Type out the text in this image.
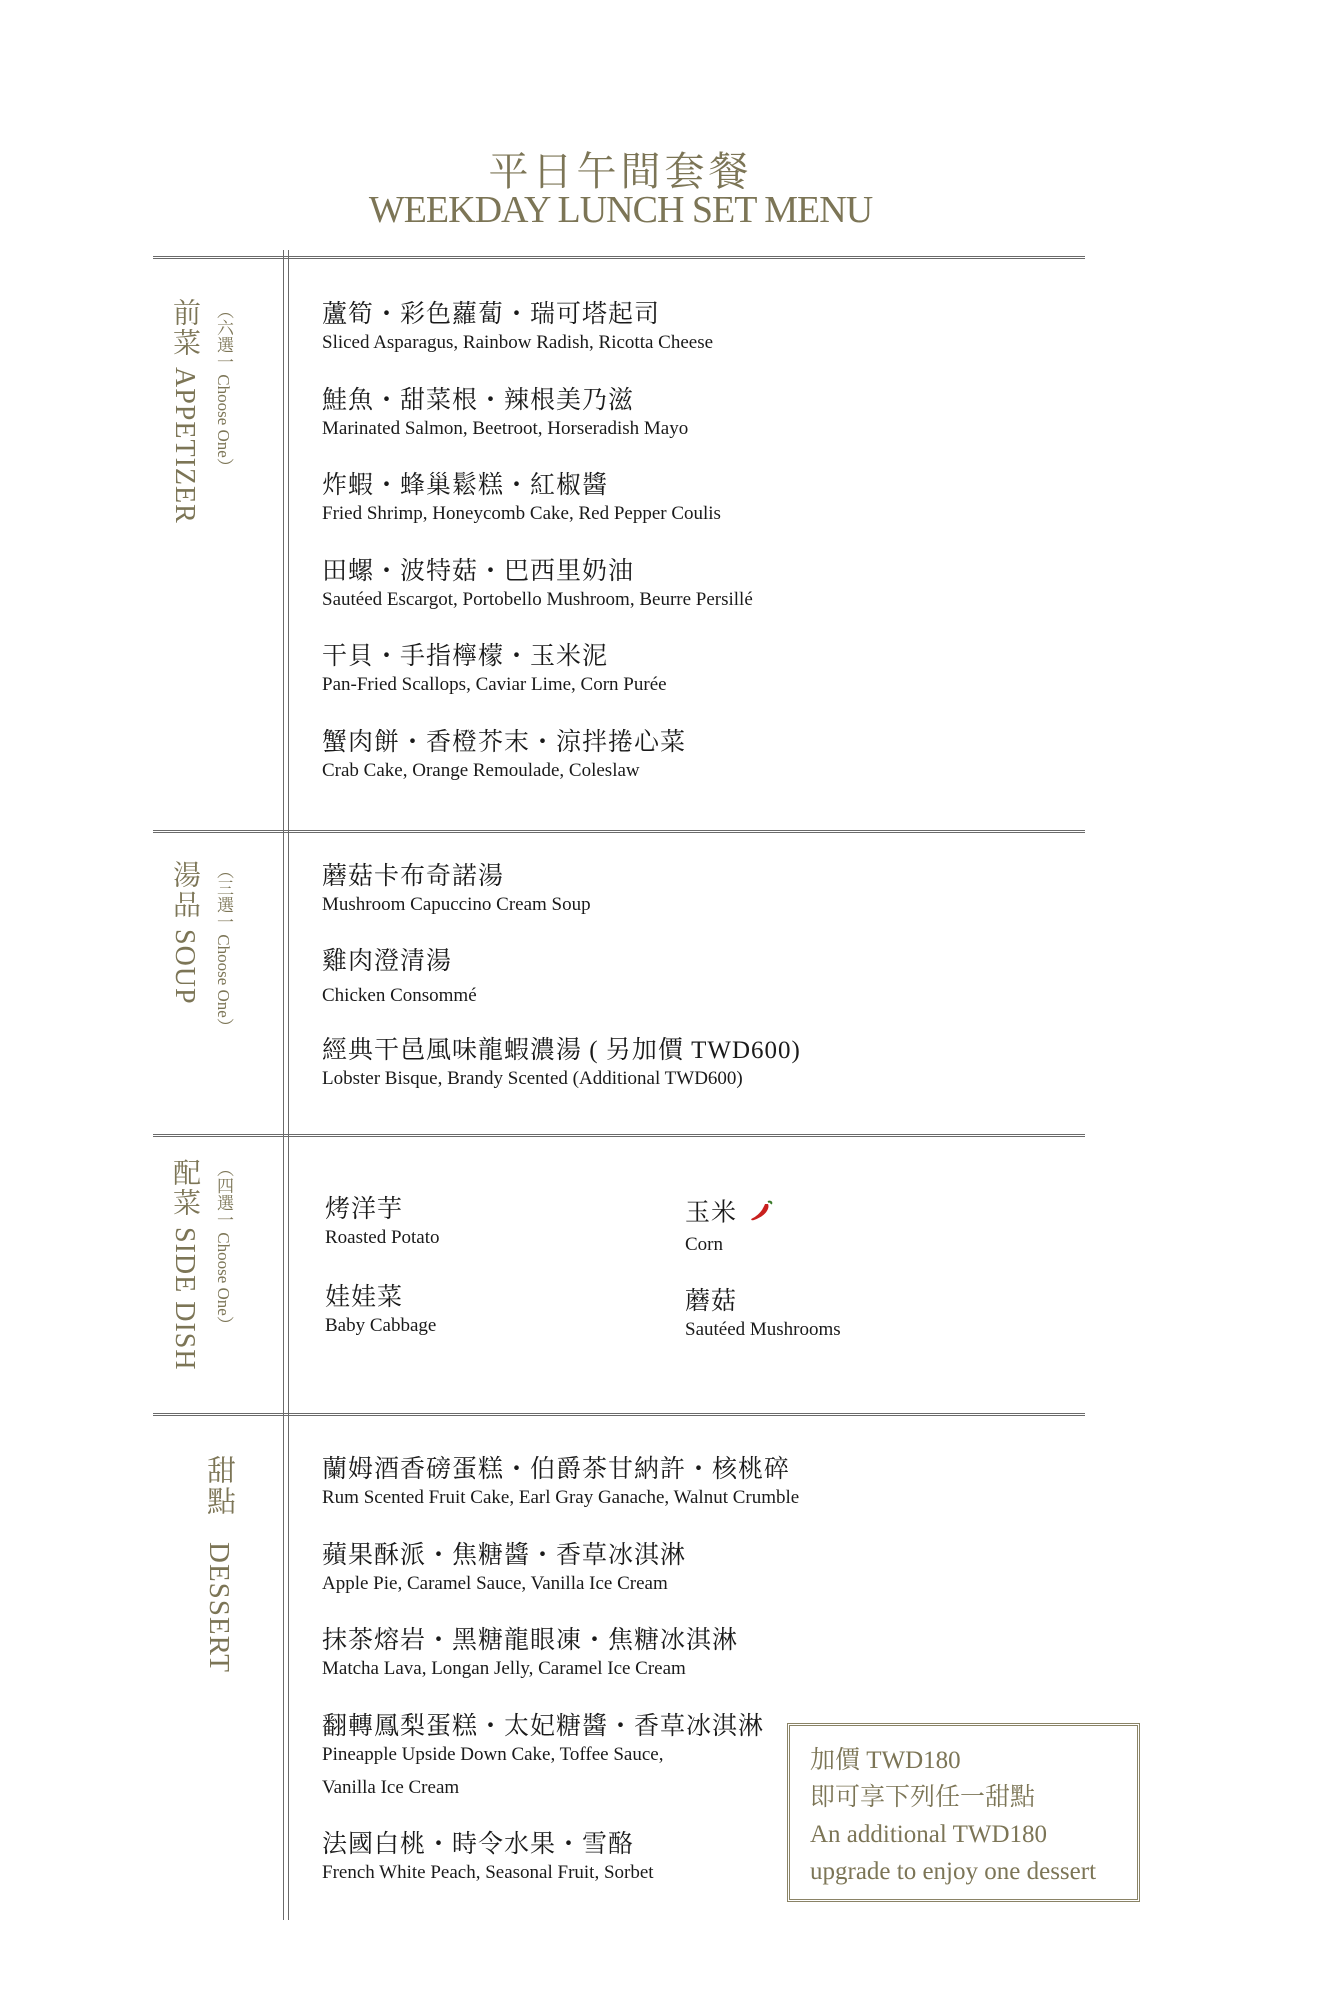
平日午間套餐
WEEKDAY LUNCH SET MENU
前菜 APPETIZER （六選一 Choose One）	蘆筍・彩色蘿蔔・瑞可塔起司
Sliced Asparagus, Rainbow Radish, Ricotta Cheese
鮭魚・甜菜根・辣根美乃滋
Marinated Salmon, Beetroot, Horseradish Mayo
炸蝦・蜂巢鬆糕・紅椒醬
Fried Shrimp, Honeycomb Cake, Red Pepper Coulis
田螺・波特菇・巴西里奶油
Sautéed Escargot, Portobello Mushroom, Beurre Persillé
干貝・手指檸檬・玉米泥
Pan-Fried Scallops, Caviar Lime, Corn Purée
蟹肉餅・香橙芥末・涼拌捲心菜
Crab Cake, Orange Remoulade, Coleslaw
湯品 SOUP （三選一 Choose One）	蘑菇卡布奇諾湯
Mushroom Capuccino Cream Soup
雞肉澄清湯
Chicken Consommé
經典干邑風味龍蝦濃湯 ( 另加價 TWD600)
Lobster Bisque, Brandy Scented (Additional TWD600)
配菜 SIDE DISH （四選一 Choose One）	烤洋芋
Roasted Potato
玉米
Corn
娃娃菜
Baby Cabbage
蘑菇
Sautéed Mushrooms
甜點 DESSERT
蘭姆酒香磅蛋糕・伯爵茶甘納許・核桃碎
Rum Scented Fruit Cake, Earl Gray Ganache, Walnut Crumble
蘋果酥派・焦糖醬・香草冰淇淋
Apple Pie, Caramel Sauce, Vanilla Ice Cream
抹茶熔岩・黑糖龍眼凍・焦糖冰淇淋
Matcha Lava, Longan Jelly, Caramel Ice Cream
翻轉鳳梨蛋糕・太妃糖醬・香草冰淇淋
Pineapple Upside Down Cake, Toffee Sauce,
Vanilla Ice Cream
法國白桃・時令水果・雪酪
French White Peach, Seasonal Fruit, Sorbet
加價 TWD180
即可享下列任一甜點
An additional TWD180
upgrade to enjoy one dessert
